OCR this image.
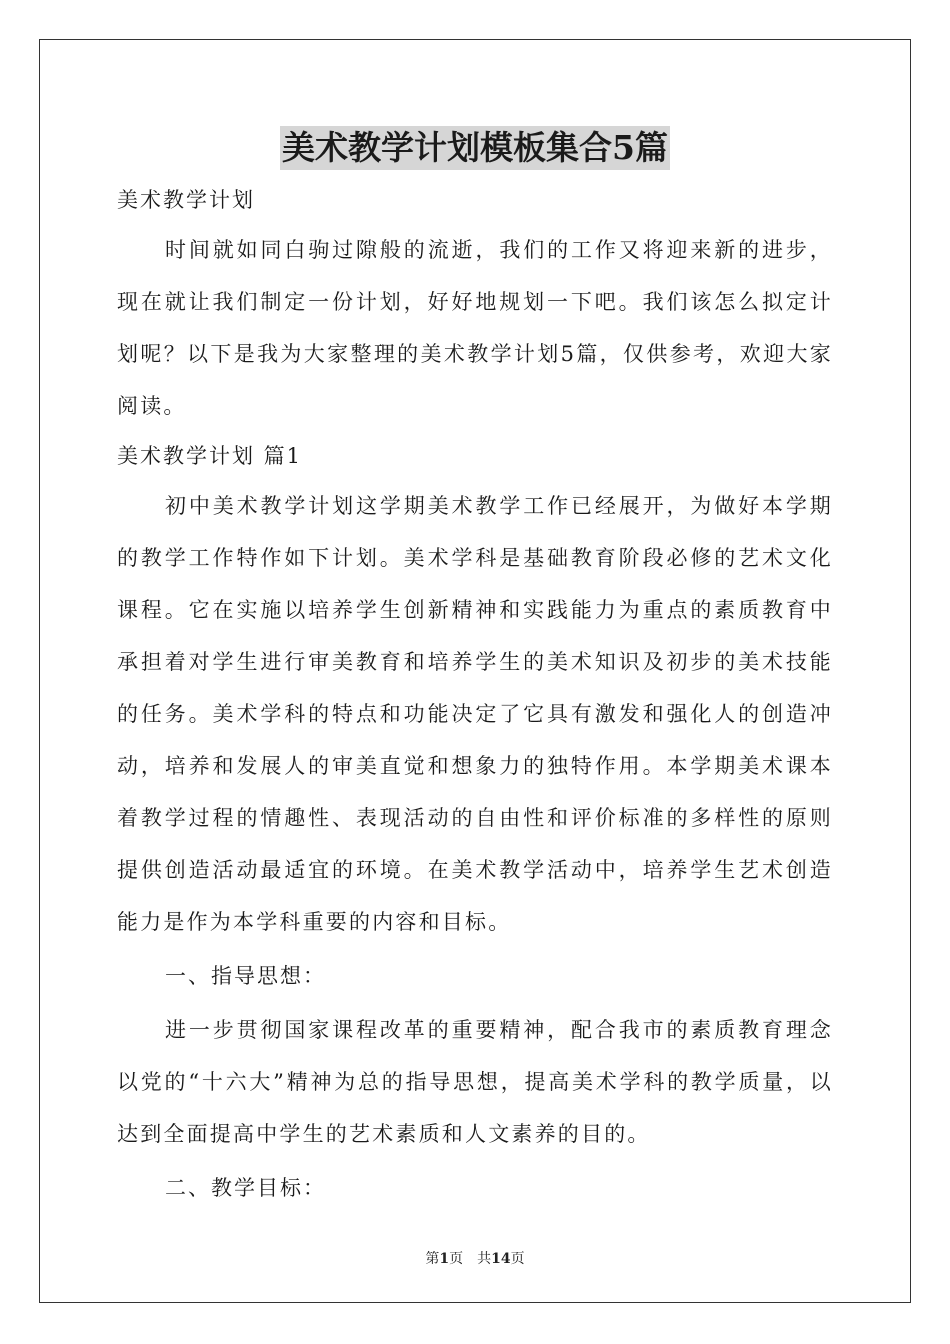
美术教学计划模板集合5篇
美术教学计划

时间就如同白驹过隙般的流逝，我们的工作又将迎来新的进步，现在就让我们制定一份计划，好好地规划一下吧。我们该怎么拟定计划呢？以下是我为大家整理的美术教学计划5篇，仅供参考，欢迎大家阅读。

美术教学计划 篇1

初中美术教学计划这学期美术教学工作已经展开，为做好本学期的教学工作特作如下计划。美术学科是基础教育阶段必修的艺术文化课程。它在实施以培养学生创新精神和实践能力为重点的素质教育中承担着对学生进行审美教育和培养学生的美术知识及初步的美术技能的任务。美术学科的特点和功能决定了它具有激发和强化人的创造冲动，培养和发展人的审美直觉和想象力的独特作用。本学期美术课本着教学过程的情趣性、表现活动的自由性和评价标准的多样性的原则提供创造活动最适宜的环境。在美术教学活动中，培养学生艺术创造能力是作为本学科重要的内容和目标。

一、指导思想：

进一步贯彻国家课程改革的重要精神，配合我市的素质教育理念以党的“十六大”精神为总的指导思想，提高美术学科的教学质量，以达到全面提高中学生的艺术素质和人文素养的目的。

二、教学目标：

第1页　共14页
